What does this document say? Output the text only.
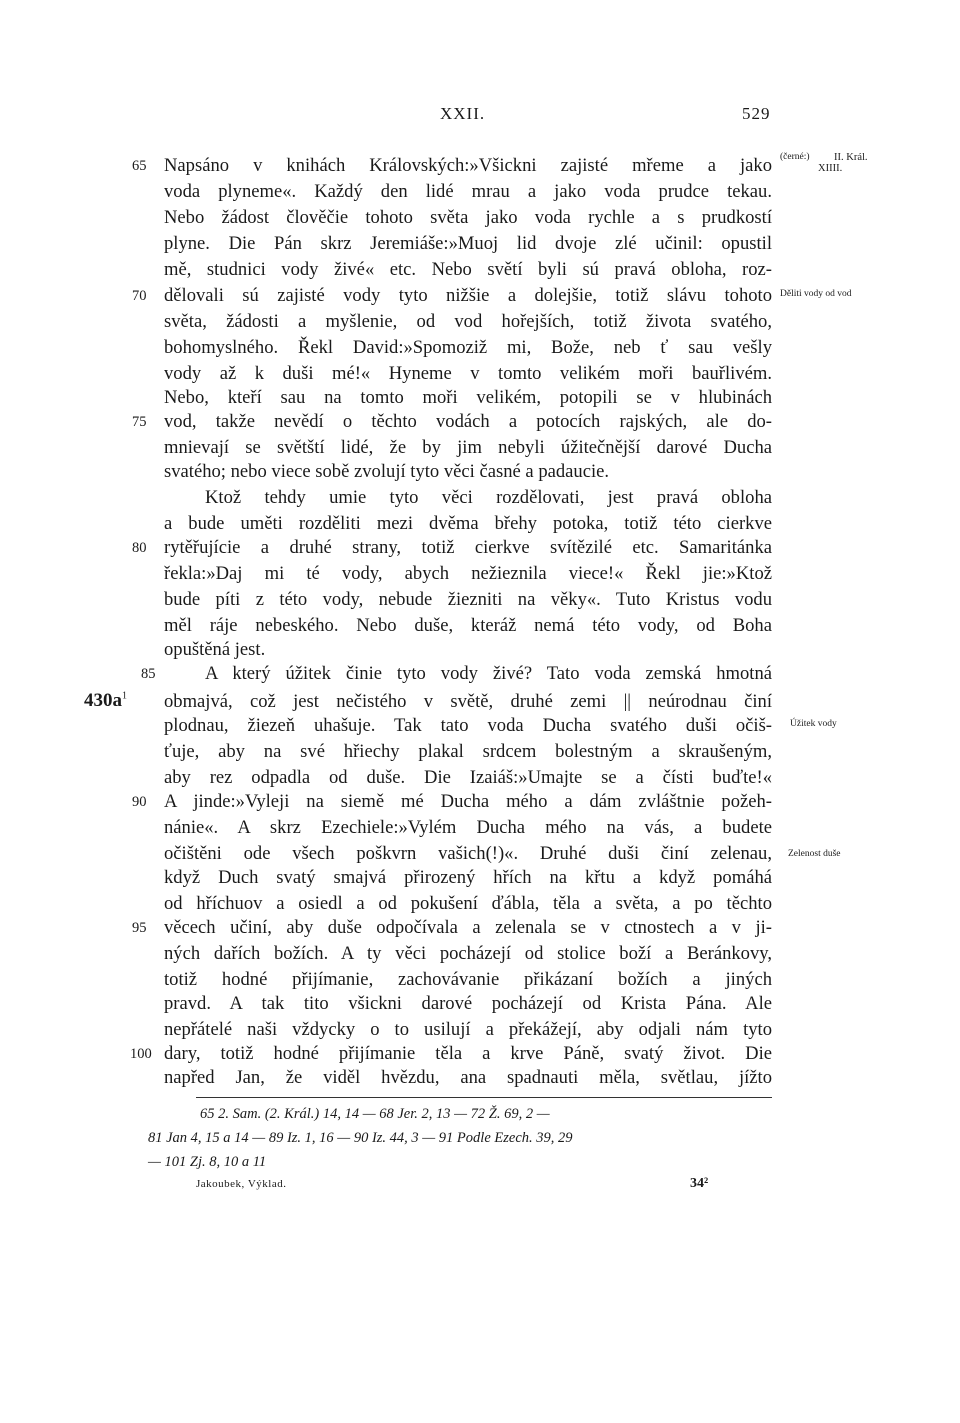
XXII.	529
(černé:) II. Král.
XIIII.
Děliti vody od vod
Úžitek vody
Zelenost duše
$430a^1$
65
70
75
80
85
90
95
100
Napsáno v knihách Královských:»Všickni zajisté mřeme a jako
voda plyneme«. Každý den lidé mrau a jako voda prudce tekau.
Nebo žádost člověčie tohoto světa jako voda rychle a s prudkostí
plyne. Die Pán skrz Jeremiáše:»Muoj lid dvoje zlé učinil: opustil
mě, studnici vody živé« etc. Nebo světí byli sú pravá obloha, roz-
dělovali sú zajisté vody tyto nižšie a dolejšie, totiž slávu tohoto
světa, žádosti a myšlenie, od vod hořejších, totiž života svatého,
bohomyslného. Řekl David:»Spomoziž mi, Bože, neb ť sau vešly
vody až k duši mé!« Hyneme v tomto velikém moři bauřlivém.
Nebo, kteří sau na tomto moři velikém, potopili se v hlubinách
vod, takže nevědí o těchto vodách a potocích rajských, ale do-
mnievají se světští lidé, že by jim nebyli úžitečnější darové Ducha
svatého; nebo viece sobě zvolují tyto věci časné a padaucie.
Ktož tehdy umie tyto věci rozdělovati, jest pravá obloha
a bude uměti rozděliti mezi dvěma břehy potoka, totiž této cierkve
rytěřujície a druhé strany, totiž cierkve svítězilé etc. Samaritánka
řekla:»Daj mi té vody, abych nežieznila viece!« Řekl jie:»Ktož
bude píti z této vody, nebude žiezniti na věky«. Tuto Kristus vodu
měl ráje nebeského. Nebo duše, kteráž nemá této vody, od Boha
opuštěná jest.
A který úžitek činie tyto vody živé? Tato voda zemská hmotná
obmajvá, což jest nečistého v světě, druhé zemi || neúrodnau činí
plodnau, žiezeň uhašuje. Tak tato voda Ducha svatého duši očiš-
ťuje, aby na své hřiechy plakal srdcem bolestným a skraušeným,
aby rez odpadla od duše. Die Izaiáš:»Umajte se a čísti buďte!«
A jinde:»Vyleji na siemě mé Ducha mého a dám zvláštnie požeh-
nánie«. A skrz Ezechiele:»Vylém Ducha mého na vás, a budete
očištěni ode všech poškvrn vašich(!)«. Druhé duši činí zelenau,
když Duch svatý smajvá přirozený hřích na křtu a když pomáhá
od hříchuov a osiedl a od pokušení ďábla, těla a světa, a po těchto
věcech učiní, aby duše odpočívala a zelenala se v ctnostech a v ji-
ných dařích božích. A ty věci pocházejí od stolice boží a Beránkovy,
totiž hodné přijímanie, zachovávanie přikázaní božích a jiných
pravd. A tak tito všickni darové pocházejí od Krista Pána. Ale
nepřátelé naši vždycky o to usilují a překážejí, aby odjali nám tyto
dary, totiž hodné přijímanie těla a krve Páně, svatý život. Die
napřed Jan, že viděl hvězdu, ana spadnauti měla, světlau, jížto
65 2. Sam. (2. Král.) 14, 14 — 68 Jer. 2, 13 — 72 Ž. 69, 2 —
81 Jan 4, 15 a 14 — 89 Iz. 1, 16 — 90 Iz. 44, 3 — 91 Podle Ezech. 39, 29
— 101 Zj. 8, 10 a 11
Jakoubek, Výklad.	34²
